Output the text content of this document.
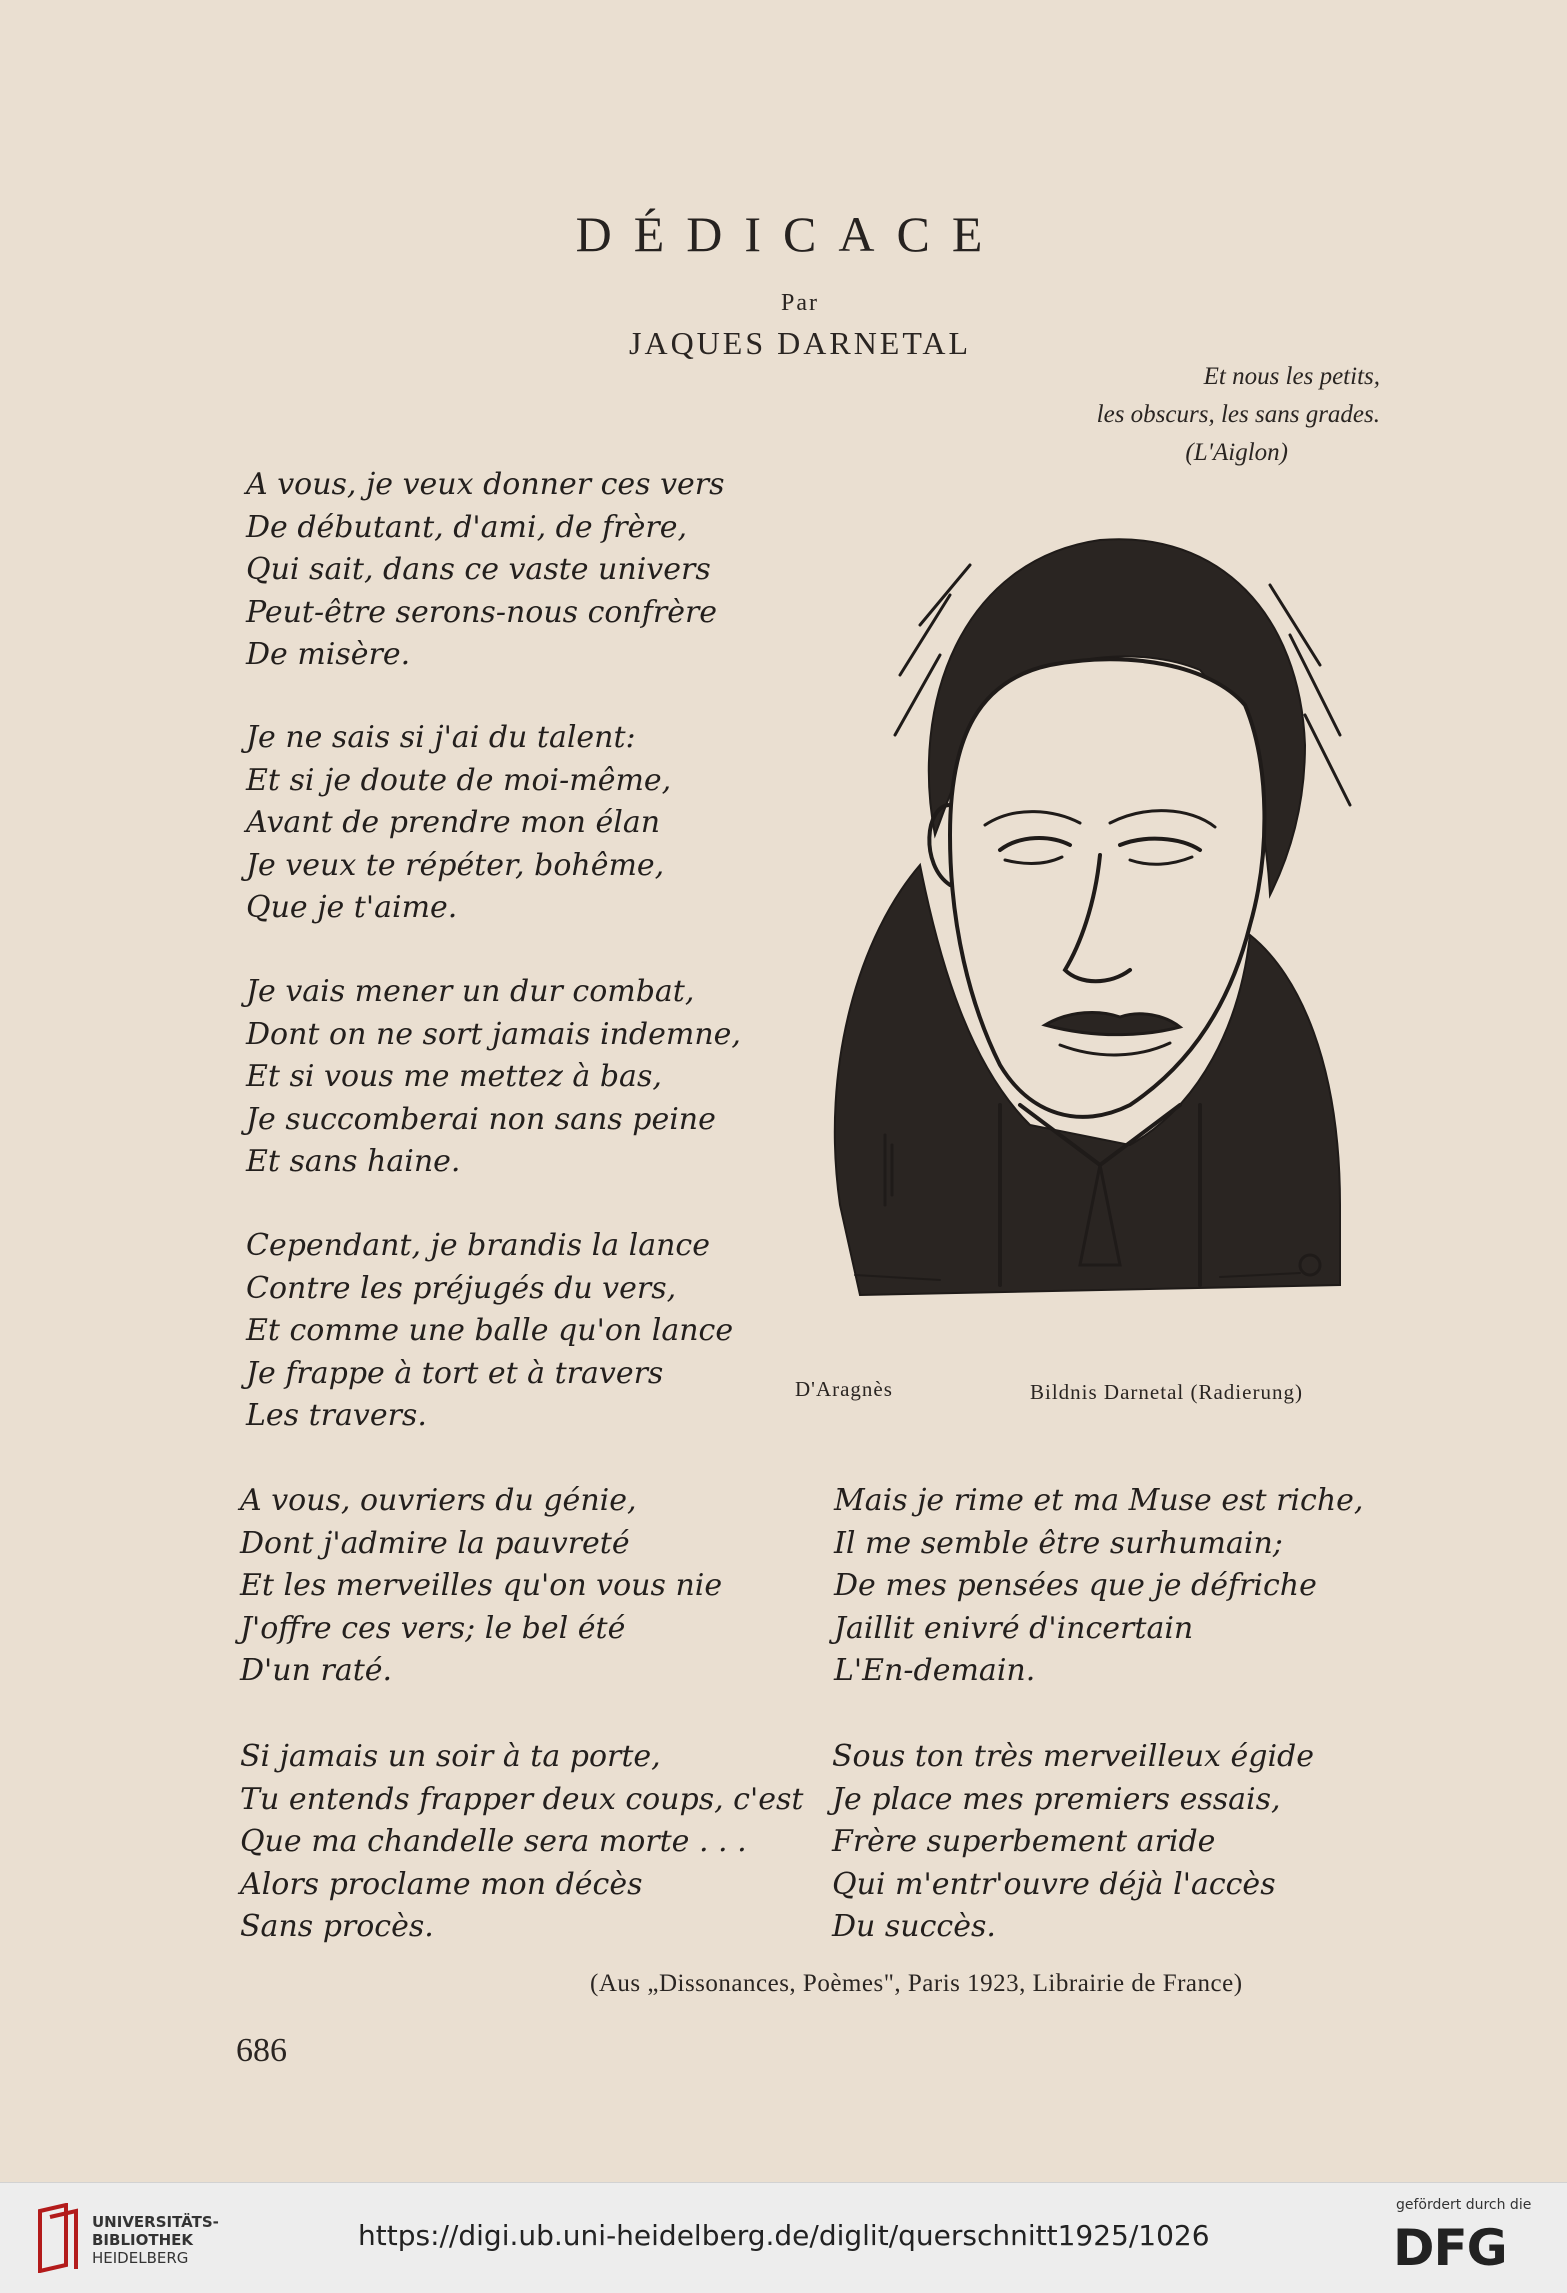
DÉDICACE
Par
JAQUES DARNETAL
Et nous les petits,
les obscurs, les sans grades.
(L'Aiglon)
A vous, je veux donner ces vers
De débutant, d'ami, de frère,
Qui sait, dans ce vaste univers
Peut-être serons-nous confrère
De misère.
Je ne sais si j'ai du talent:
Et si je doute de moi-même,
Avant de prendre mon élan
Je veux te répéter, bohême,
Que je t'aime.
Je vais mener un dur combat,
Dont on ne sort jamais indemne,
Et si vous me mettez à bas,
Je succomberai non sans peine
Et sans haine.
Cependant, je brandis la lance
Contre les préjugés du vers,
Et comme une balle qu'on lance
Je frappe à tort et à travers
Les travers.
A vous, ouvriers du génie,
Dont j'admire la pauvreté
Et les merveilles qu'on vous nie
J'offre ces vers; le bel été
D'un raté.
Si jamais un soir à ta porte,
Tu entends frapper deux coups, c'est
Que ma chandelle sera morte . . .
Alors proclame mon décès
Sans procès.
Mais je rime et ma Muse est riche,
Il me semble être surhumain;
De mes pensées que je défriche
Jaillit enivré d'incertain
L'En-demain.
Sous ton très merveilleux égide
Je place mes premiers essais,
Frère superbement aride
Qui m'entr'ouvre déjà l'accès
Du succès.
D'Aragnès	Bildnis Darnetal (Radierung)
(Aus „Dissonances, Poèmes", Paris 1923, Librairie de France)
686
UNIVERSITÄTS-
BIBLIOTHEK
HEIDELBERG
https://digi.ub.uni-heidelberg.de/diglit/querschnitt1925/1026
gefördert durch die
DFG
